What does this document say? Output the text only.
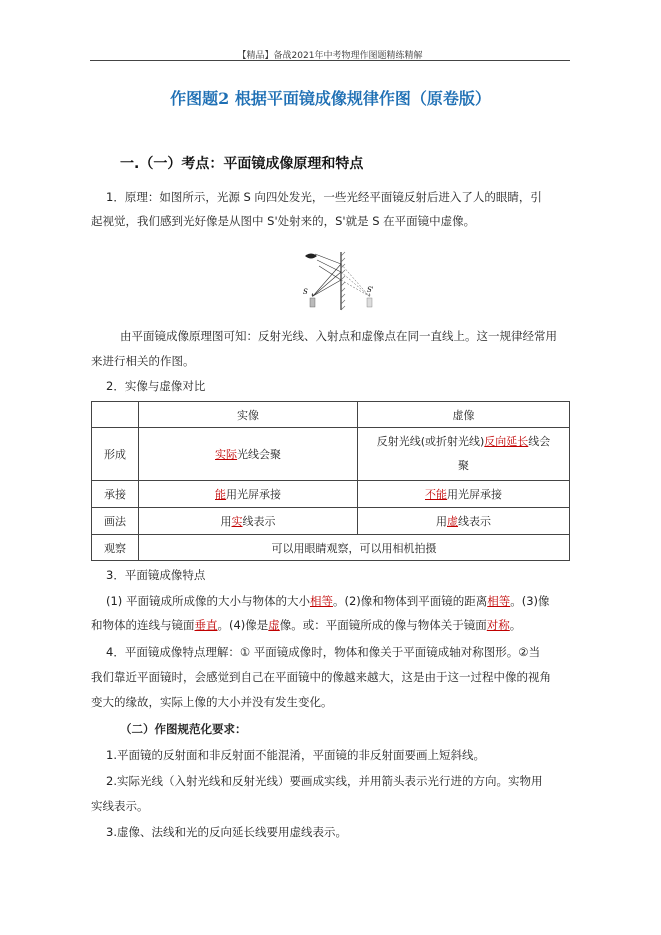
【精品】备战2021年中考物理作图题精练精解
作图题2 根据平面镜成像规律作图（原卷版）
一.（一）考点：平面镜成像原理和特点
1．原理：如图所示，光源 S 向四处发光，一些光经平面镜反射后进入了人的眼睛，引
起视觉，我们感到光好像是从图中 S'处射来的，S'就是 S 在平面镜中虚像。
S	S'
由平面镜成像原理图可知：反射光线、入射点和虚像点在同一直线上。这一规律经常用
来进行相关的作图。
2．实像与虚像对比
	实像	虚像
形成	实际光线会聚	反射光线(或折射光线)反向延长线会
聚
承接	能用光屏承接	不能用光屏承接
画法	用实线表示	用虚线表示
观察	可以用眼睛观察，可以用相机拍摄	
3．平面镜成像特点
(1) 平面镜成所成像的大小与物体的大小相等。(2)像和物体到平面镜的距离相等。(3)像
和物体的连线与镜面垂直。(4)像是虚像。或：平面镜所成的像与物体关于镜面对称。
4．平面镜成像特点理解：① 平面镜成像时，物体和像关于平面镜成轴对称图形。②当
我们靠近平面镜时，会感觉到自己在平面镜中的像越来越大，这是由于这一过程中像的视角
变大的缘故，实际上像的大小并没有发生变化。
（二）作图规范化要求：
1.平面镜的反射面和非反射面不能混淆，平面镜的非反射面要画上短斜线。
2.实际光线（入射光线和反射光线）要画成实线，并用箭头表示光行进的方向。实物用
实线表示。
3.虚像、法线和光的反向延长线要用虚线表示。
